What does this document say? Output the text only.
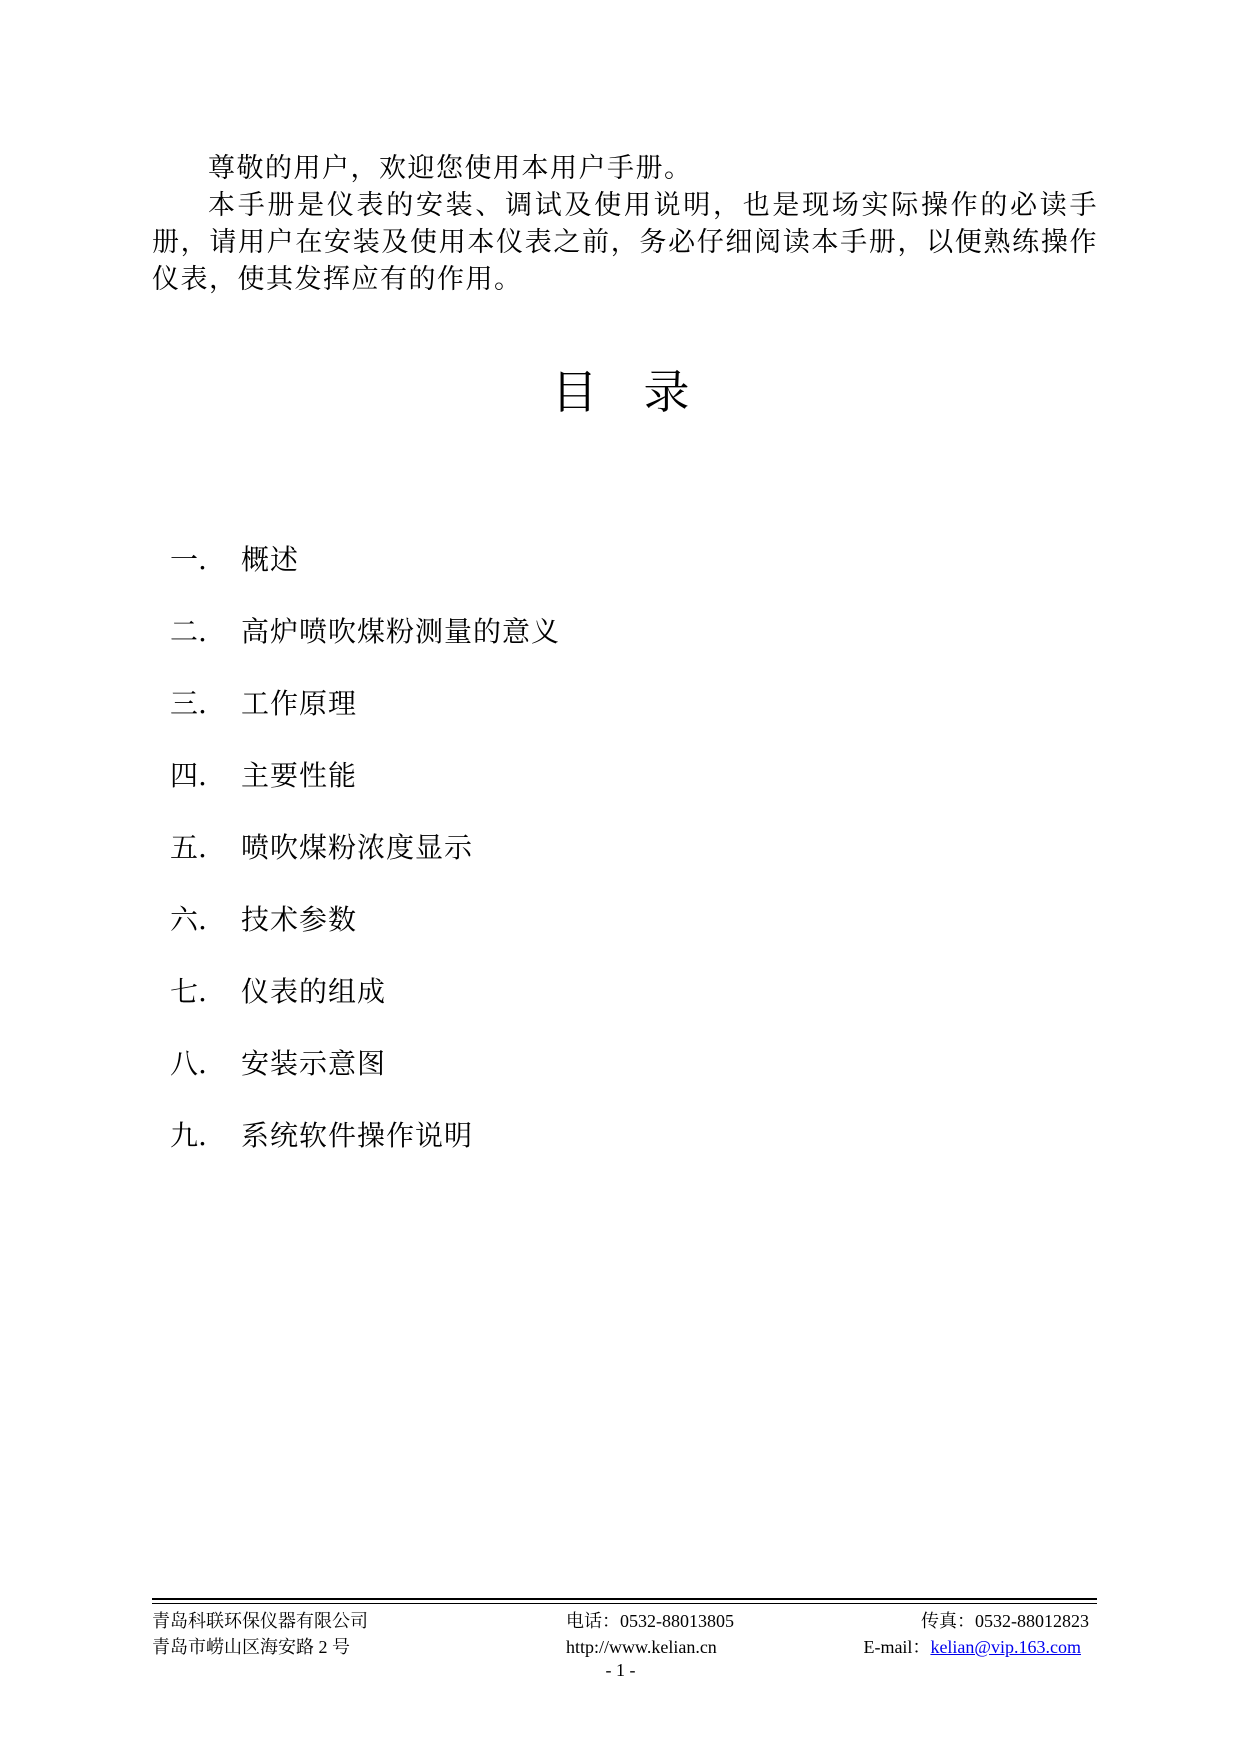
尊敬的用户，欢迎您使用本用户手册。

本手册是仪表的安装、调试及使用说明，也是现场实际操作的必读手册，请用户在安装及使用本仪表之前，务必仔细阅读本手册，以便熟练操作仪表，使其发挥应有的作用。

目 录
一.	概述
二.	高炉喷吹煤粉测量的意义
三.	工作原理
四.	主要性能
五.	喷吹煤粉浓度显示
六.	技术参数
七.	仪表的组成
八.	安装示意图
九.	系统软件操作说明
青岛科联环保仪器有限公司	电话：0532-88013805	传真：0532-88012823
青岛市崂山区海安路 2 号	http://www.kelian.cn	E-mail：kelian@vip.163.com
- 1 -
